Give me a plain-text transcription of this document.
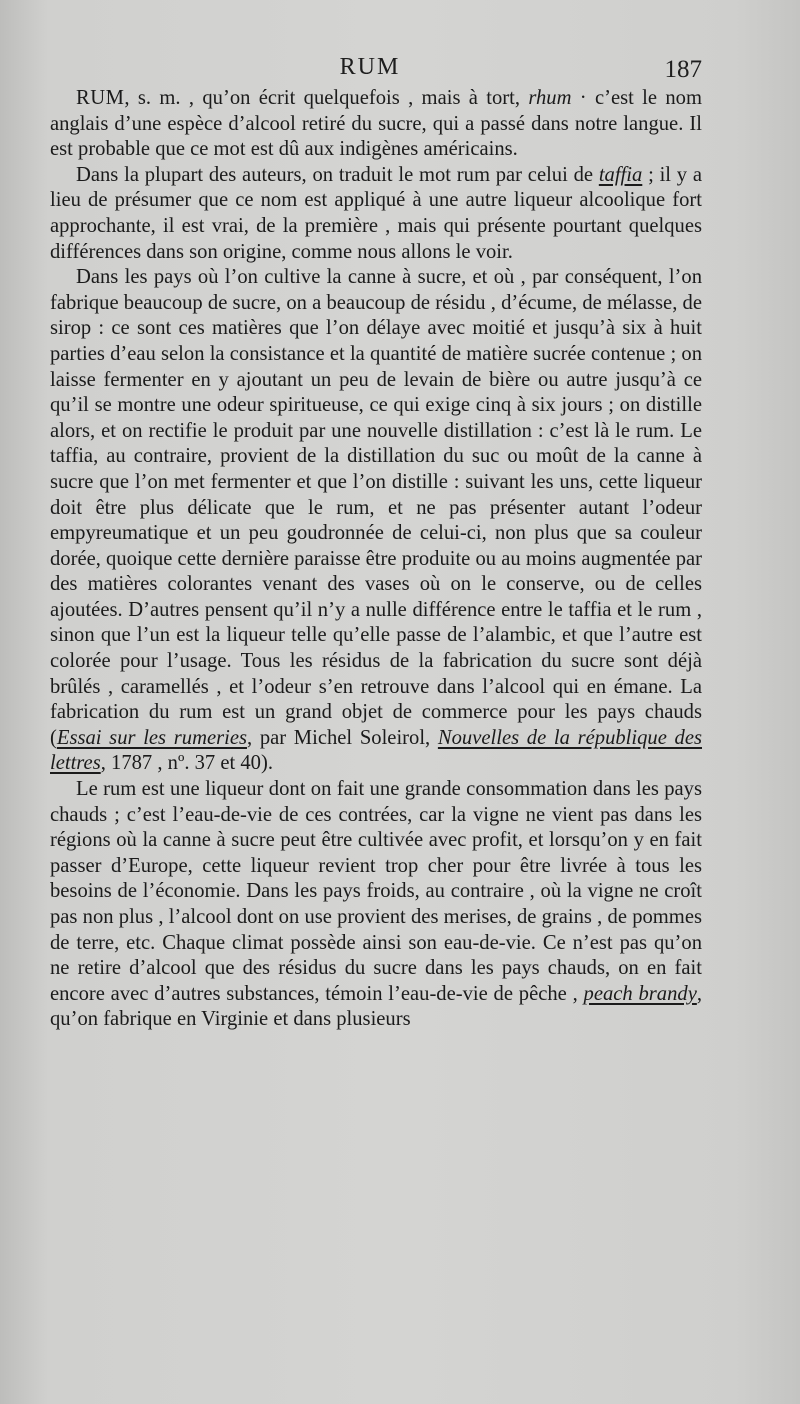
RUM	187

RUM, s. m. , qu’on écrit quelquefois , mais à tort, rhum · c’est le nom anglais d’une espèce d’alcool retiré du sucre, qui a passé dans notre langue. Il est probable que ce mot est dû aux indigènes américains.

Dans la plupart des auteurs, on traduit le mot rum par celui de taffia ; il y a lieu de présumer que ce nom est appliqué à une autre liqueur alcoolique fort approchante, il est vrai, de la première , mais qui présente pourtant quelques différences dans son origine, comme nous allons le voir.

Dans les pays où l’on cultive la canne à sucre, et où , par conséquent, l’on fabrique beaucoup de sucre, on a beaucoup de résidu , d’écume, de mélasse, de sirop : ce sont ces matières que l’on délaye avec moitié et jusqu’à six à huit parties d’eau selon la consistance et la quantité de matière sucrée contenue ; on laisse fermenter en y ajoutant un peu de levain de bière ou autre jusqu’à ce qu’il se montre une odeur spiritueuse, ce qui exige cinq à six jours ; on distille alors, et on rectifie le produit par une nouvelle distillation : c’est là le rum. Le taffia, au contraire, provient de la distillation du suc ou moût de la canne à sucre que l’on met fermenter et que l’on distille : suivant les uns, cette liqueur doit être plus délicate que le rum, et ne pas présenter autant l’odeur empyreumatique et un peu goudronnée de celui-ci, non plus que sa couleur dorée, quoique cette dernière paraisse être produite ou au moins augmentée par des matières colorantes venant des vases où on le conserve, ou de celles ajoutées. D’autres pensent qu’il n’y a nulle différence entre le taffia et le rum , sinon que l’un est la liqueur telle qu’elle passe de l’alambic, et que l’autre est colorée pour l’usage. Tous les résidus de la fabrication du sucre sont déjà brûlés , caramellés , et l’odeur s’en retrouve dans l’alcool qui en émane. La fabrication du rum est un grand objet de commerce pour les pays chauds (Essai sur les rumeries, par Michel Soleirol, Nouvelles de la république des lettres, 1787 , nº. 37 et 40).

Le rum est une liqueur dont on fait une grande consommation dans les pays chauds ; c’est l’eau-de-vie de ces contrées, car la vigne ne vient pas dans les régions où la canne à sucre peut être cultivée avec profit, et lorsqu’on y en fait passer d’Europe, cette liqueur revient trop cher pour être livrée à tous les besoins de l’économie. Dans les pays froids, au contraire , où la vigne ne croît pas non plus , l’alcool dont on use provient des merises, de grains , de pommes de terre, etc. Chaque climat possède ainsi son eau-de-vie. Ce n’est pas qu’on ne retire d’alcool que des résidus du sucre dans les pays chauds, on en fait encore avec d’autres substances, témoin l’eau-de-vie de pêche , peach brandy, qu’on fabrique en Virginie et dans plusieurs
